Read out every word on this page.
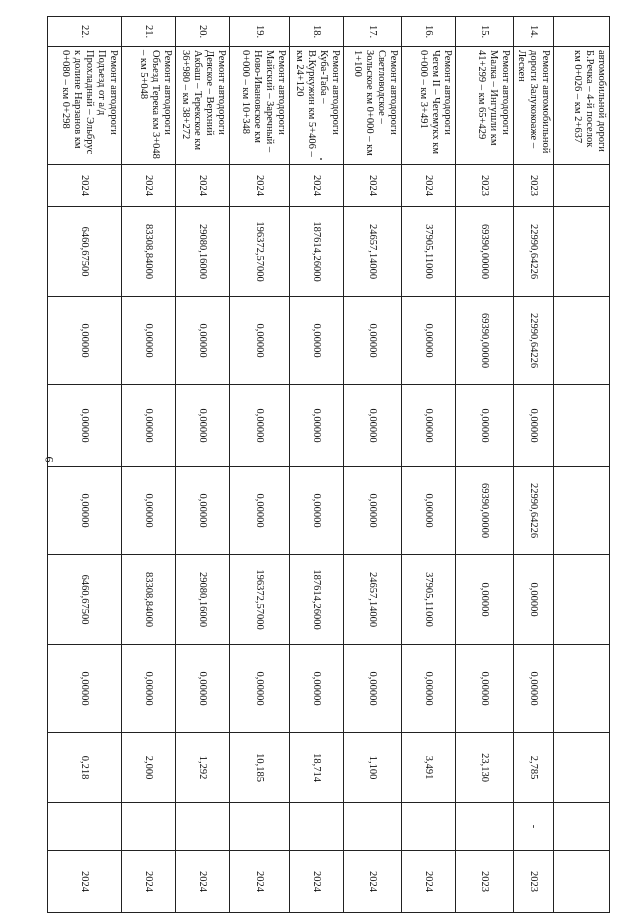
6
	автомобильной дороги Б.Речка – 4-й поселок км 0+026 – км 2+637										
14.	Ремонт автомобильной дороги Залукокоаже – Лескен	2023	22990,64226	22990,64226	0,00000	22990,64226	0,00000	0,00000	2,785	-	2023
15.	Ремонт автодороги Малка – Ингушли км 41+299 – км 65+429	2023	69390,00000	69390,00000	0,00000	69390,00000	0,00000	0,00000	23,130		2023
16.	Ремонт автодороги Чегем II – Чегемукх км 0+000 – км 3+491	2024	37905,11000	0,00000	0,00000	0,00000	37905,11000	0,00000	3,491		2024
17.	Ремонт автодороги Светловодское – Зольское км 0+000 – км 1+100	2024	24657,14000	0,00000	0,00000	0,00000	24657,14000	0,00000	1,100		2024
18.	Ремонт автодороги Куба-Таба – В.Куркужин км 5+406 – км 24+120	2024	187614,26000	0,00000	0,00000	0,00000	187614,26000	0,00000	18,714		2024
19.	Ремонт автодороги Майский – Заречный – Ново-Ивановское км 0+000 – км 10+348	2024	196372,57000	0,00000	0,00000	0,00000	196372,57000	0,00000	10,185		2024
20.	Ремонт автодороги Деяское – Верхний Акбаш – Терекское км 36+980 – км 38+272	2024	29080,16000	0,00000	0,00000	0,00000	29080,16000	0,00000	1,292		2024
21.	Ремонт автодороги Объезд Терека км 3+048 – км 5+048	2024	83308,84000	0,00000	0,00000	0,00000	83308,84000	0,00000	2,000		2024
22.	Ремонт автодороги Подъезд от а/д Прохладный – Эльбрус к долине Нарзанов км 0+080 – км 0+298	2024	6460,67500	0,00000	0,00000	0,00000	6460,67500	0,00000	0,218		2024
